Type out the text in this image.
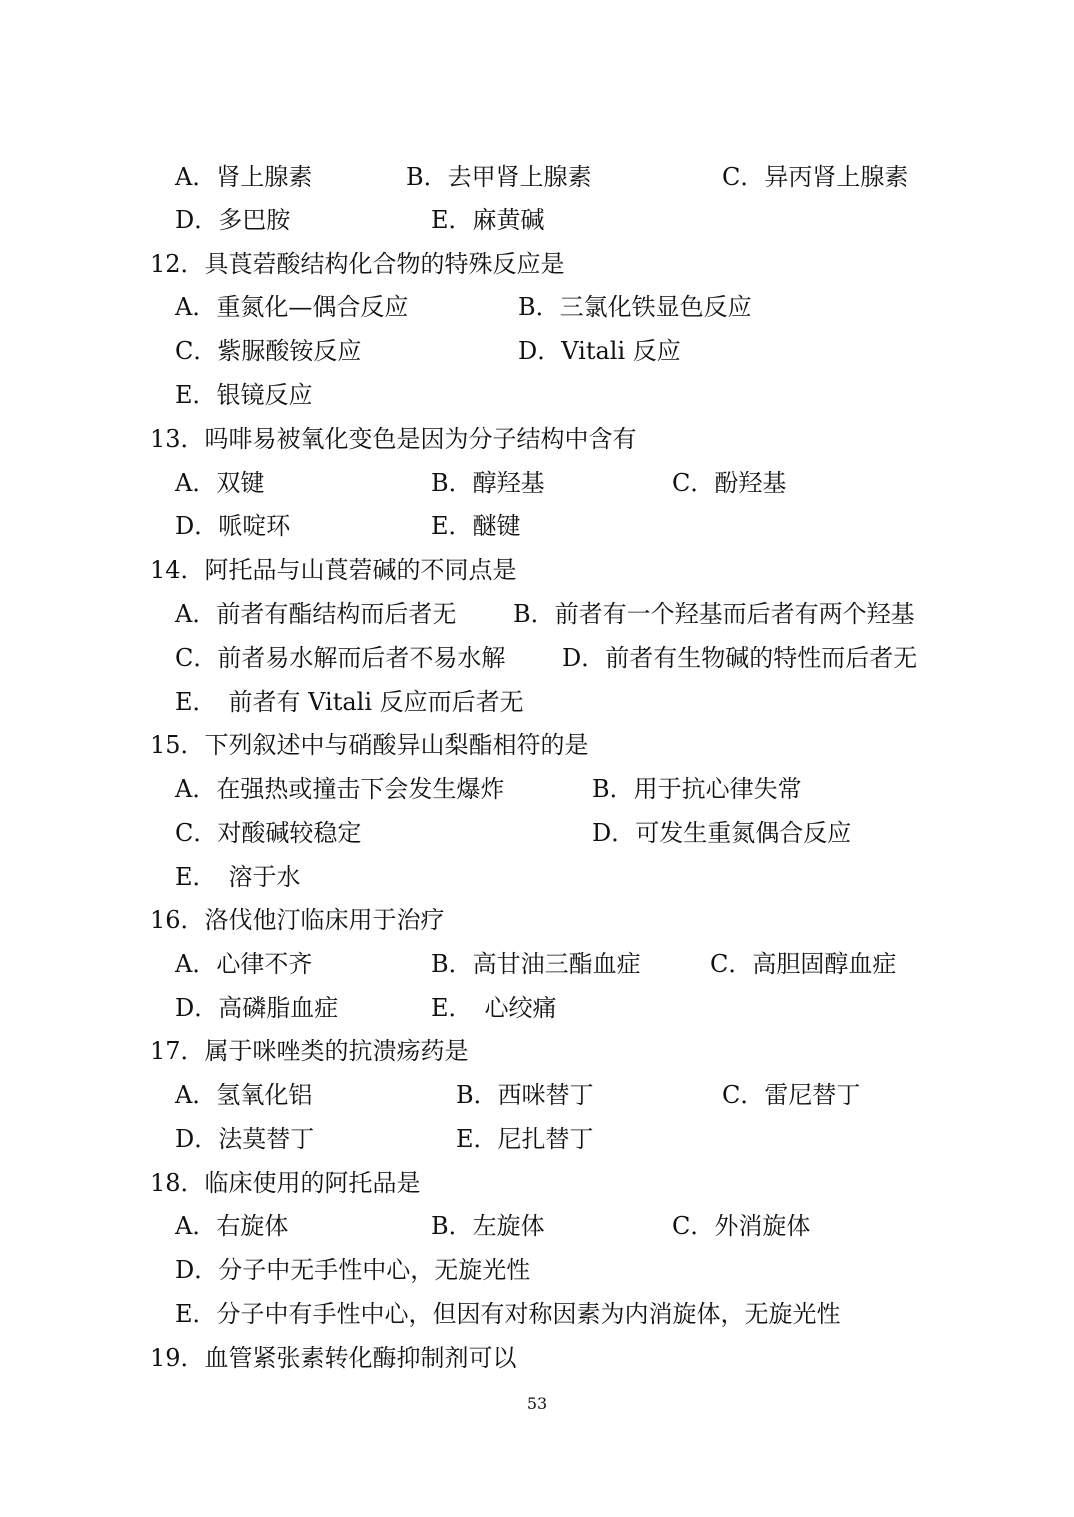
A．肾上腺素	B．去甲肾上腺素	C．异丙肾上腺素
D．多巴胺	E．麻黄碱
12．具莨菪酸结构化合物的特殊反应是
A．重氮化—偶合反应	B．三氯化铁显色反应
C．紫脲酸铵反应	D．Vitali 反应
E．银镜反应
13．吗啡易被氧化变色是因为分子结构中含有
A．双键	B．醇羟基	C．酚羟基
D．哌啶环	E．醚键
14．阿托品与山莨菪碱的不同点是
A．前者有酯结构而后者无 B．前者有一个羟基而后者有两个羟基
C．前者易水解而后者不易水解 D．前者有生物碱的特性而后者无
E．　前者有 Vitali 反应而后者无
15．下列叙述中与硝酸异山梨酯相符的是
A．在强热或撞击下会发生爆炸	B．用于抗心律失常
C．对酸碱较稳定	D．可发生重氮偶合反应
E．　溶于水
16．洛伐他汀临床用于治疗
A．心律不齐	B．高甘油三酯血症	C．高胆固醇血症
D．高磷脂血症	E．　心绞痛
17．属于咪唑类的抗溃疡药是
A．氢氧化铝	B．西咪替丁	C．雷尼替丁
D．法莫替丁	E．尼扎替丁
18．临床使用的阿托品是
A．右旋体	B．左旋体	C．外消旋体
D．分子中无手性中心，无旋光性
E．分子中有手性中心，但因有对称因素为内消旋体，无旋光性
19．血管紧张素转化酶抑制剂可以
53
